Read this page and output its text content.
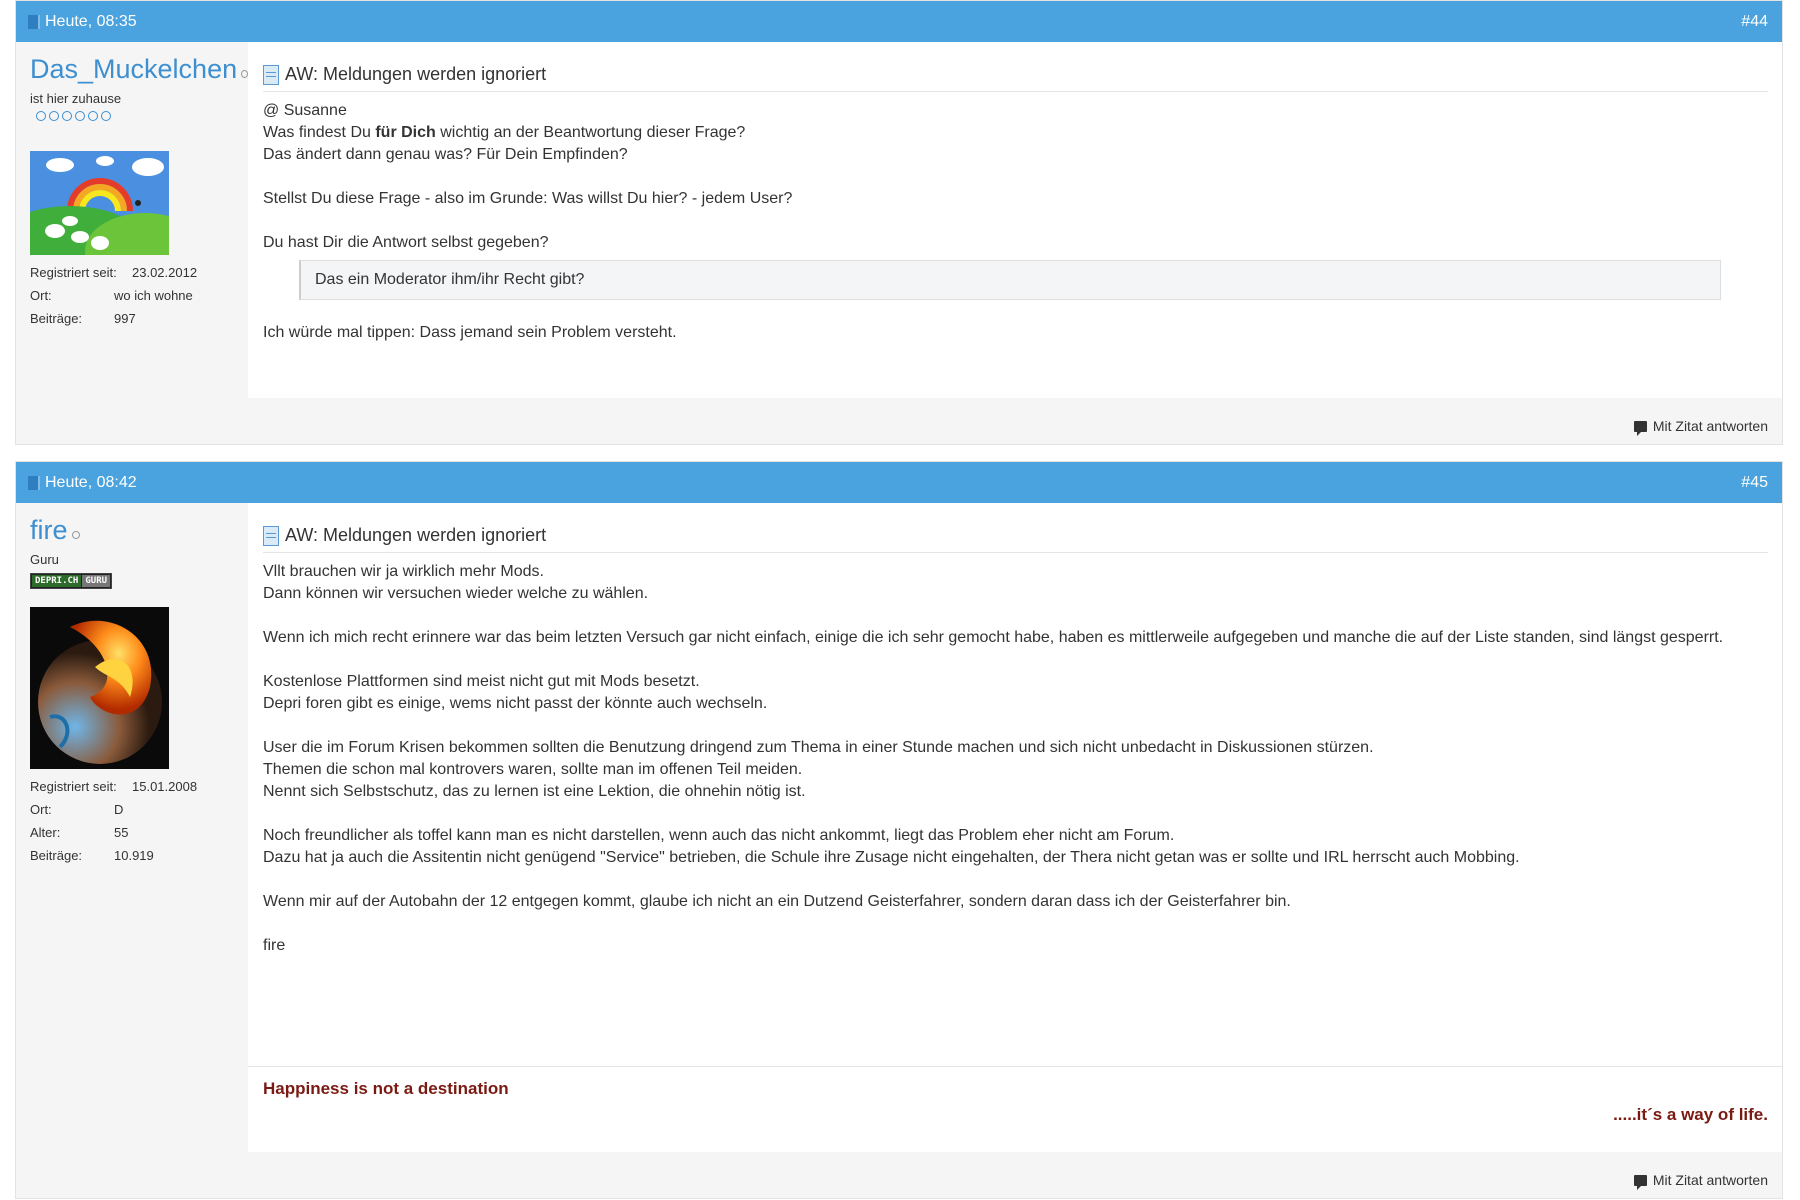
Heute, 08:35	#44
Das_Muckelchen
ist hier zuhause
Registriert seit:	23.02.2012
Ort:	wo ich wohne
Beiträge:	997
AW: Meldungen werden ignoriert
@ Susanne
Was findest Du für Dich wichtig an der Beantwortung dieser Frage?
Das ändert dann genau was? Für Dein Empfinden?
Stellst Du diese Frage - also im Grunde: Was willst Du hier? - jedem User?
Du hast Dir die Antwort selbst gegeben?
Das ein Moderator ihm/ihr Recht gibt?
Ich würde mal tippen: Dass jemand sein Problem versteht.
Mit Zitat antworten
Heute, 08:42	#45
fire
Guru
DEPRI.CH GURU
Registriert seit:	15.01.2008
Ort:	D
Alter:	55
Beiträge:	10.919
AW: Meldungen werden ignoriert
Vllt brauchen wir ja wirklich mehr Mods.
Dann können wir versuchen wieder welche zu wählen.
Wenn ich mich recht erinnere war das beim letzten Versuch gar nicht einfach, einige die ich sehr gemocht habe, haben es mittlerweile aufgegeben und manche die auf der Liste standen, sind längst gesperrt.
Kostenlose Plattformen sind meist nicht gut mit Mods besetzt.
Depri foren gibt es einige, wems nicht passt der könnte auch wechseln.
User die im Forum Krisen bekommen sollten die Benutzung dringend zum Thema in einer Stunde machen und sich nicht unbedacht in Diskussionen stürzen.
Themen die schon mal kontrovers waren, sollte man im offenen Teil meiden.
Nennt sich Selbstschutz, das zu lernen ist eine Lektion, die ohnehin nötig ist.
Noch freundlicher als toffel kann man es nicht darstellen, wenn auch das nicht ankommt, liegt das Problem eher nicht am Forum.
Dazu hat ja auch die Assitentin nicht genügend "Service" betrieben, die Schule ihre Zusage nicht eingehalten, der Thera nicht getan was er sollte und IRL herrscht auch Mobbing.
Wenn mir auf der Autobahn der 12 entgegen kommt, glaube ich nicht an ein Dutzend Geisterfahrer, sondern daran dass ich der Geisterfahrer bin.
fire
Happiness is not a destination
.....it´s a way of life.
Mit Zitat antworten
